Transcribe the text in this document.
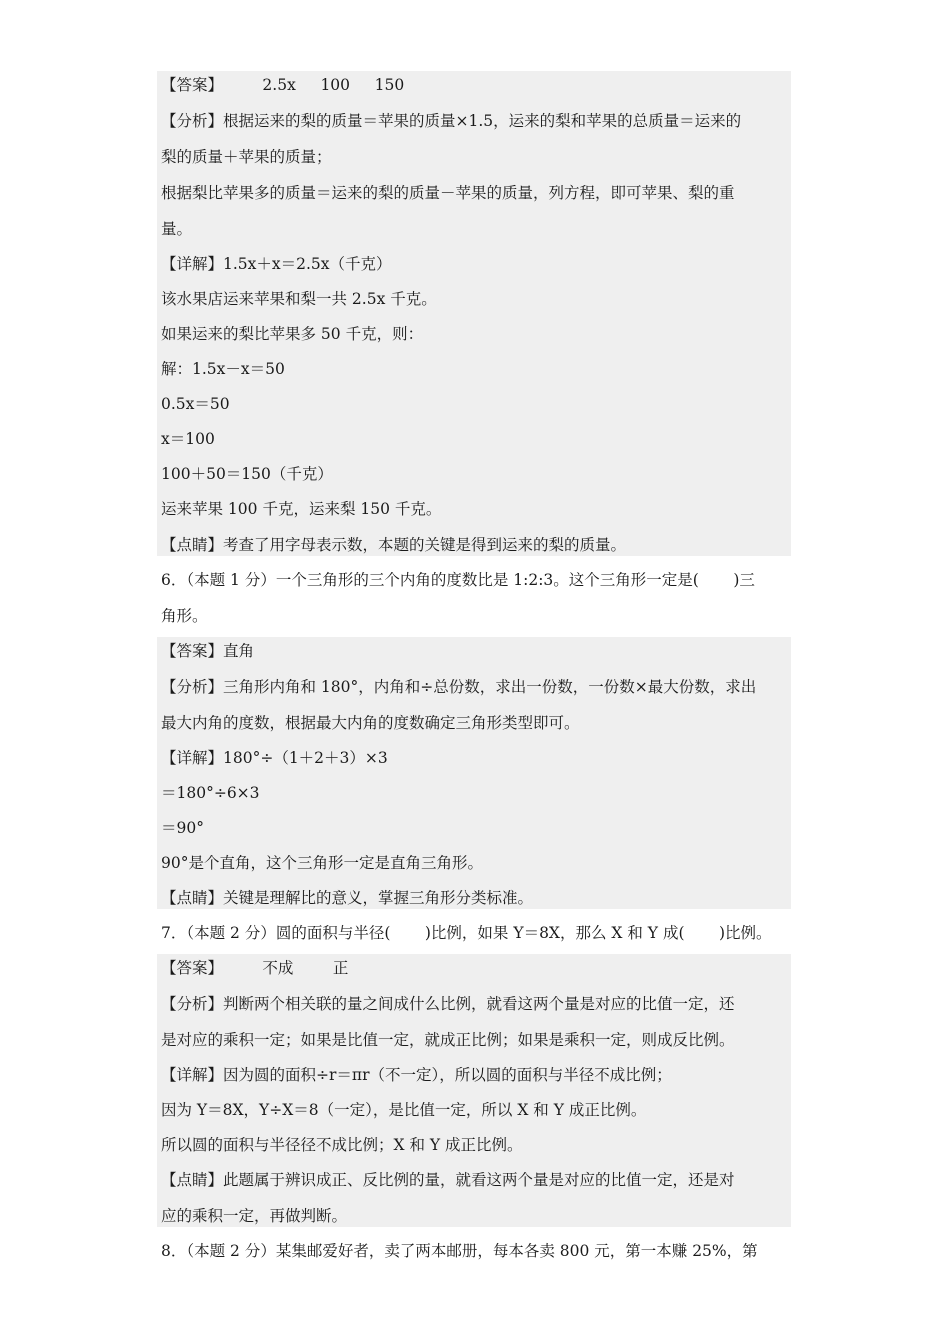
【答案】        2.5x     100     150
【分析】根据运来的梨的质量＝苹果的质量×1.5，运来的梨和苹果的总质量＝运来的
梨的质量＋苹果的质量；
根据梨比苹果多的质量＝运来的梨的质量－苹果的质量，列方程，即可苹果、梨的重
量。
【详解】1.5x＋x＝2.5x（千克）
该水果店运来苹果和梨一共 2.5x 千克。
如果运来的梨比苹果多 50 千克，则：
解：1.5x－x＝50
0.5x＝50
x＝100
100＋50＝150（千克）
运来苹果 100 千克，运来梨 150 千克。
【点睛】考查了用字母表示数，本题的关键是得到运来的梨的质量。
6．（本题 1 分）一个三角形的三个内角的度数比是 1:2:3。这个三角形一定是(       )三
角形。
【答案】直角
【分析】三角形内角和 180°，内角和÷总份数，求出一份数，一份数×最大份数，求出
最大内角的度数，根据最大内角的度数确定三角形类型即可。
【详解】180°÷（1＋2＋3）×3
＝180°÷6×3
＝90°
90°是个直角，这个三角形一定是直角三角形。
【点睛】关键是理解比的意义，掌握三角形分类标准。
7．（本题 2 分）圆的面积与半径(       )比例，如果 Y＝8X，那么 X 和 Y 成(       )比例。
【答案】        不成        正
【分析】判断两个相关联的量之间成什么比例，就看这两个量是对应的比值一定，还
是对应的乘积一定；如果是比值一定，就成正比例；如果是乘积一定，则成反比例。
【详解】因为圆的面积÷r＝πr（不一定），所以圆的面积与半径不成比例；
因为 Y＝8X，Y÷X＝8（一定），是比值一定，所以 X 和 Y 成正比例。
所以圆的面积与半径径不成比例；X 和 Y 成正比例。
【点睛】此题属于辨识成正、反比例的量，就看这两个量是对应的比值一定，还是对
应的乘积一定，再做判断。
8．（本题 2 分）某集邮爱好者，卖了两本邮册，每本各卖 800 元，第一本赚 25%，第
